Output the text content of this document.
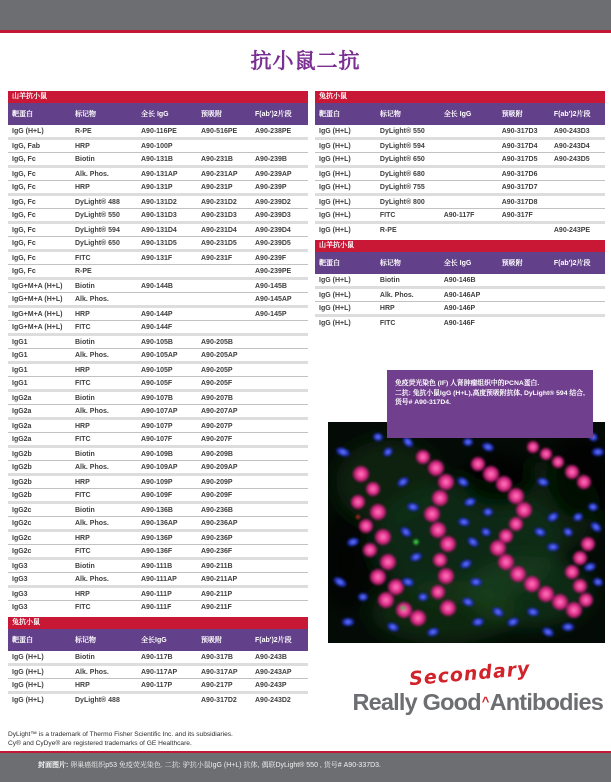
抗小鼠二抗
山羊抗小鼠
靶蛋白	标记物	全长 IgG	预吸附	F(ab')2片段
IgG (H+L)	R-PE	A90-116PE	A90-516PE	A90-238PE
IgG, Fab	HRP	A90-100P		
IgG, Fc	Biotin	A90-131B	A90-231B	A90-239B
IgG, Fc	Alk. Phos.	A90-131AP	A90-231AP	A90-239AP
IgG, Fc	HRP	A90-131P	A90-231P	A90-239P
IgG, Fc	DyLight® 488	A90-131D2	A90-231D2	A90-239D2
IgG, Fc	DyLight® 550	A90-131D3	A90-231D3	A90-239D3
IgG, Fc	DyLight® 594	A90-131D4	A90-231D4	A90-239D4
IgG, Fc	DyLight® 650	A90-131D5	A90-231D5	A90-239D5
IgG, Fc	FITC	A90-131F	A90-231F	A90-239F
IgG, Fc	R-PE			A90-239PE
IgG+M+A (H+L)	Biotin	A90-144B		A90-145B
IgG+M+A (H+L)	Alk. Phos.			A90-145AP
IgG+M+A (H+L)	HRP	A90-144P		A90-145P
IgG+M+A (H+L)	FITC	A90-144F		
IgG1	Biotin	A90-105B	A90-205B	
IgG1	Alk. Phos.	A90-105AP	A90-205AP	
IgG1	HRP	A90-105P	A90-205P	
IgG1	FITC	A90-105F	A90-205F	
IgG2a	Biotin	A90-107B	A90-207B	
IgG2a	Alk. Phos.	A90-107AP	A90-207AP	
IgG2a	HRP	A90-107P	A90-207P	
IgG2a	FITC	A90-107F	A90-207F	
IgG2b	Biotin	A90-109B	A90-209B	
IgG2b	Alk. Phos.	A90-109AP	A90-209AP	
IgG2b	HRP	A90-109P	A90-209P	
IgG2b	FITC	A90-109F	A90-209F	
IgG2c	Biotin	A90-136B	A90-236B	
IgG2c	Alk. Phos.	A90-136AP	A90-236AP	
IgG2c	HRP	A90-136P	A90-236P	
IgG2c	FITC	A90-136F	A90-236F	
IgG3	Biotin	A90-111B	A90-211B	
IgG3	Alk. Phos.	A90-111AP	A90-211AP	
IgG3	HRP	A90-111P	A90-211P	
IgG3	FITC	A90-111F	A90-211F	
兔抗小鼠
靶蛋白	标记物	全长IgG	预吸附	F(ab')2片段
IgG (H+L)	Biotin	A90-117B	A90-317B	A90-243B
IgG (H+L)	Alk. Phos.	A90-117AP	A90-317AP	A90-243AP
IgG (H+L)	HRP	A90-117P	A90-217P	A90-243P
IgG (H+L)	DyLight® 488		A90-317D2	A90-243D2
兔抗小鼠
靶蛋白	标记物	全长 IgG	预吸附	F(ab')2片段
IgG (H+L)	DyLight® 550		A90-317D3	A90-243D3
IgG (H+L)	DyLight® 594		A90-317D4	A90-243D4
IgG (H+L)	DyLight® 650		A90-317D5	A90-243D5
IgG (H+L)	DyLight® 680		A90-317D6	
IgG (H+L)	DyLight® 755		A90-317D7	
IgG (H+L)	DyLight® 800		A90-317D8	
IgG (H+L)	FITC	A90-117F	A90-317F	
IgG (H+L)	R-PE			A90-243PE
山羊抗小鼠
靶蛋白	标记物	全长 IgG	预吸附	F(ab')2片段
IgG (H+L)	Biotin	A90-146B		
IgG (H+L)	Alk. Phos.	A90-146AP		
IgG (H+L)	HRP	A90-146P		
IgG (H+L)	FITC	A90-146F		
免疫荧光染色 (IF) 人肾肿瘤组织中的PCNA蛋白.
二抗: 兔抗小鼠IgG (H+L),高度预吸附抗体, DyLight® 594 结合, 货号# A90-317D4.
Secondary
Really Good^Antibodies
DyLight™ is a trademark of Thermo Fisher Scientific Inc. and its subsidiaries.
Cy® and CyDye® are registered trademarks of GE Healthcare.
封面图片: 卵巢癌组织p53 免疫荧光染色. 二抗: 驴抗小鼠IgG (H+L) 抗体, 偶联DyLight® 550 , 货号# A90-337D3.
